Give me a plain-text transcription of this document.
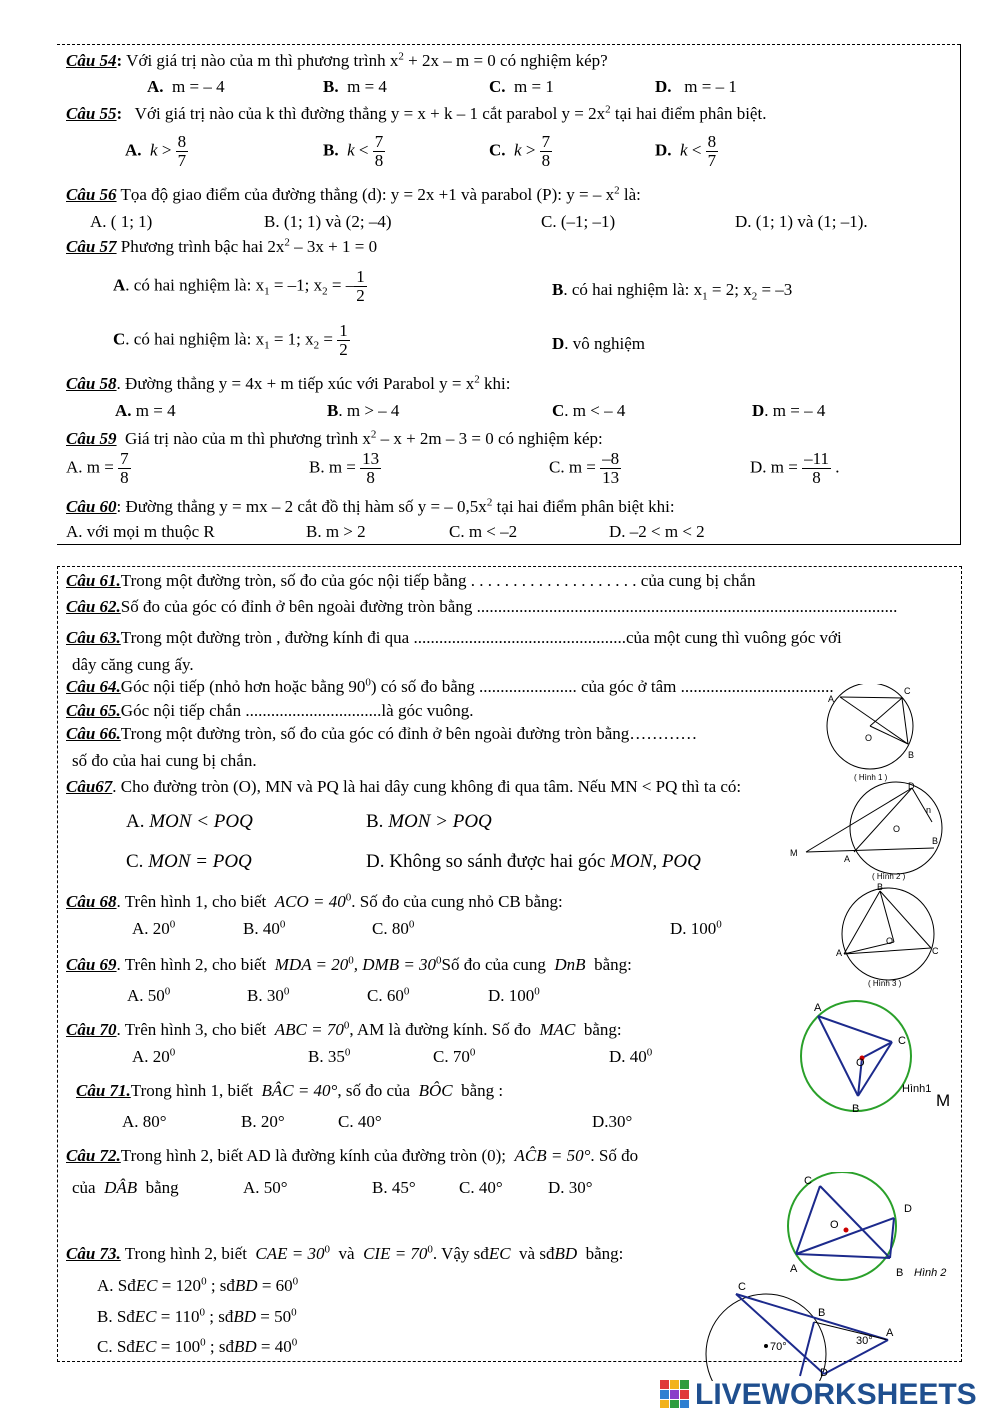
Câu 54: Với giá trị nào của m thì phương trình $x^2 + 2x - m = 0$ có nghiệm kép?
A. m = – 4	B. m = 4	C. m = 1	D. m = – 1
Câu 55: Với giá trị nào của k thì đường thẳng y = x + k – 1 cắt parabol $y = 2x^2$ tại hai điểm phân biệt.
A. $k > \frac{8}{7}$	B. $k < \frac{7}{8}$	C. $k > \frac{7}{8}$	D. $k < \frac{8}{7}$
Câu 56 Tọa độ giao điểm của đường thẳng (d): y = 2x +1 và parabol (P): y = – $x^2$ là:
A. ( 1; 1)	B. (1; 1) và (2; –4)	C. (–1; –1)	D. (1; 1) và (1; –1).
Câu 57 Phương trình bậc hai $2x^2 - 3x + 1 = 0$
A. có hai nghiệm là: $x_1 = -1$; $x_2$ = – $\frac{1}{2}$	B. có hai nghiệm là: $x_1 = 2$; $x_2 = -3$
C. có hai nghiệm là: $x_1 = 1$; $x_2 = \frac{1}{2}$	D. vô nghiệm
Câu 58. Đường thẳng y = 4x + m tiếp xúc với Parabol $y = x^2$ khi:
A. m = 4	B. m > – 4	C. m < – 4	D. m = – 4
Câu 59 Giá trị nào của m thì phương trình $x^2 - x + 2m - 3 = 0$ có nghiệm kép:
A. $m = \frac{7}{8}$	B. $m = \frac{13}{8}$	C. $m = \frac{-8}{13}$	D. $m = \frac{-11}{8}$ .
Câu 60: Đường thẳng y = mx – 2 cắt đồ thị hàm số y = – $0,5x^2$ tại hai điểm phân biệt khi:
A. với mọi m thuộc R	B. m > 2	C. m < –2	D. –2 < m < 2
Câu 61.Trong một đường tròn, số đo của góc nội tiếp bằng . . . . . . . . . . . . . . . . . . . . của cung bị chắn
Câu 62.Số đo của góc có đỉnh ở bên ngoài đường tròn bằng ...................................................................................................
Câu 63.Trong một đường tròn , đường kính đi qua ..................................................của một cung thì vuông góc với
dây căng cung ấy.
Câu 64.Góc nội tiếp (nhỏ hơn hoặc bằng $90^0$) có số đo bằng ....................... của góc ở tâm ....................................
Câu 65.Góc nội tiếp chắn ................................là góc vuông.
Câu 66.Trong một đường tròn, số đo của góc có đỉnh ở bên ngoài đường tròn bằng…………
số đo của hai cung bị chắn.
Câu67. Cho đường tròn (O), MN và PQ là hai dây cung không đi qua tâm. Nếu MN < PQ thì ta có:
A. MON < POQ	B. MON > POQ
C. MON = POQ	D. Không so sánh được hai góc MON, POQ
Câu 68. Trên hình 1, cho biết ACO = $40^0$. Số đo của cung nhỏ CB bằng:
A. $20^0$	B. $40^0$	C. $80^0$	D. $100^0$
Câu 69. Trên hình 2, cho biết MDA = $20^0$, DMB = $30^0Số$ đo của cung DnB bằng:
A. $50^0$	B. $30^0$	C. $60^0$	D. $100^0$
Câu 70. Trên hình 3, cho biết ABC = $70^0$, AM là đường kính. Số đo MAC bằng:
A. $20^0$	B. $35^0$	C. $70^0$	D. $40^0$
Câu 71.Trong hình 1, biết BÂC = 40°, số đo của BÔC bằng :
A. 80°	B. 20°	C. 40°	D.30°
Câu 72.Trong hình 2, biết AD là đường kính của đường tròn (0); AĈB = 50°. Số đo
của DÂB bằng	A. 50°	B. 45°	C. 40°	D. 30°
Câu 73. Trong hình 2, biết CAE = $30^0$ và CIE = $70^0$. Vậy sđEC và sđBD bằng:
A. SđEC = $120^0$ ; sđBD = $60^0$
B. SđEC = $110^0$ ; sđBD = $50^0$
C. SđEC = $100^0$ ; sđBD = $40^0$
A
C
O
B
( Hình 1 )
M
A
D
n
O
B
( Hình 2 )
B
A
O
C
( Hình 3 )
A
C
O
B
Hình1
M
C
D
O
A	B Hình 2
C
B
A
D
70°	30°
LIVEWORKSHEETS
